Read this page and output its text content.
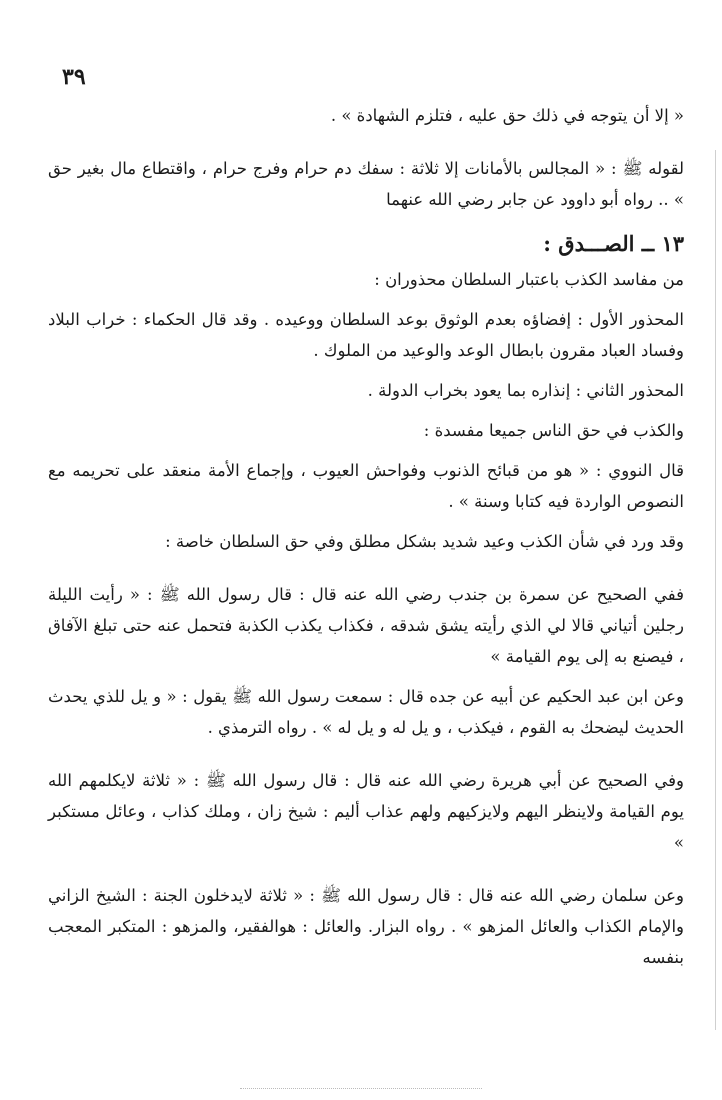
٣٩

« إلا أن يتوجه في ذلك حق عليه ، فتلزم الشهادة » .

لقوله ﷺ : « المجالس بالأمانات إلا ثلاثة : سفك دم حرام وفرج حرام ، واقتطاع مال بغير حق » .. رواه أبو داوود عن جابر رضي الله عنهما

١٣ ــ الصـــدق :

من مفاسد الكذب باعتبار السلطان محذوران :

المحذور الأول : إفضاؤه بعدم الوثوق بوعد السلطان ووعيده . وقد قال الحكماء : خراب البلاد وفساد العباد مقرون بابطال الوعد والوعيد من الملوك .

المحذور الثاني : إنذاره بما يعود بخراب الدولة .

والكذب في حق الناس جميعا مفسدة :

قال النووي : « هو من قبائح الذنوب وفواحش العيوب ، وإجماع الأمة منعقد على تحريمه مع النصوص الواردة فيه كتابا وسنة » .

وقد ورد في شأن الكذب وعيد شديد بشكل مطلق وفي حق السلطان خاصة :

ففي الصحيح عن سمرة بن جندب رضي الله عنه قال : قال رسول الله ﷺ : « رأيت الليلة رجلين أتياني قالا لي الذي رأيته يشق شدقه ، فكذاب يكذب الكذبة فتحمل عنه حتى تبلغ الآفاق ، فيصنع به إلى يوم القيامة »

وعن ابن عبد الحكيم عن أبيه عن جده قال : سمعت رسول الله ﷺ يقول : « و يل للذي يحدث الحديث ليضحك به القوم ، فيكذب ، و يل له و يل له » . رواه الترمذي .

وفي الصحيح عن أبي هريرة رضي الله عنه قال : قال رسول الله ﷺ : « ثلاثة لايكلمهم الله يوم القيامة ولاينظر اليهم ولايزكيهم ولهم عذاب أليم : شيخ زان ، وملك كذاب ، وعائل مستكبر »

وعن سلمان رضي الله عنه قال : قال رسول الله ﷺ : « ثلاثة لايدخلون الجنة : الشيخ الزاني والإمام الكذاب والعائل المزهو » . رواه البزار. والعائل : هوالفقير، والمزهو : المتكبر المعجب بنفسه
